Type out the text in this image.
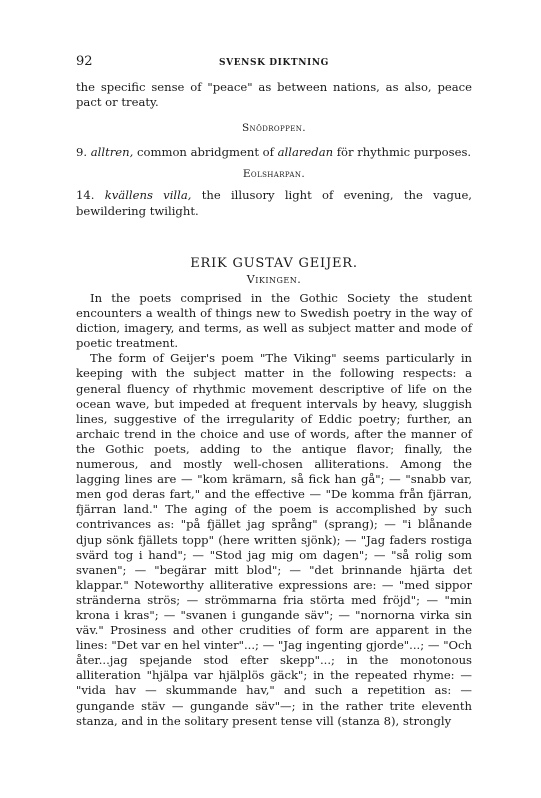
92	SVENSK DIKTNING

the specific sense of "peace" as between nations, as also, peace pact or treaty.

Snödroppen.

9. alltren, common abridgment of allaredan för rhythmic purposes.

Eolsharpan.

14. kvällens villa, the illusory light of evening, the vague, bewildering twilight.

ERIK GUSTAV GEIJER.
Vikingen.

In the poets comprised in the Gothic Society the student encounters a wealth of things new to Swedish poetry in the way of diction, imagery, and terms, as well as subject matter and mode of poetic treatment.

The form of Geijer's poem "The Viking" seems particularly in keeping with the subject matter in the following respects: a general fluency of rhythmic movement descriptive of life on the ocean wave, but impeded at frequent intervals by heavy, sluggish lines, suggestive of the irregularity of Eddic poetry; further, an archaic trend in the choice and use of words, after the manner of the Gothic poets, adding to the antique flavor; finally, the numerous, and mostly well-chosen alliterations. Among the lagging lines are — "kom krämarn, så fick han gå"; — "snabb var, men god deras fart," and the effective — "De komma från fjärran, fjärran land." The aging of the poem is accomplished by such contrivances as: "på fjället jag språng" (sprang); — "i blånande djup sönk fjällets topp" (here written sjönk); — "Jag faders rostiga svärd tog i hand"; — "Stod jag mig om dagen"; — "så rolig som svanen"; — "begärar mitt blod"; — "det brinnande hjärta det klappar." Noteworthy alliterative expressions are: — "med sippor stränderna strös; — strömmarna fria störta med fröjd"; — "min krona i kras"; — "svanen i gungande säv"; — "nornorna virka sin väv." Prosiness and other crudities of form are apparent in the lines: "Det var en hel vinter"...; — "Jag ingenting gjorde"...; — "Och åter...jag spejande stod efter skepp"...; in the monotonous alliteration "hjälpa var hjälplös gäck"; in the repeated rhyme: — "vida hav — skummande hav," and such a repetition as: — gungande stäv — gungande säv"—; in the rather trite eleventh stanza, and in the solitary present tense vill (stanza 8), strongly
